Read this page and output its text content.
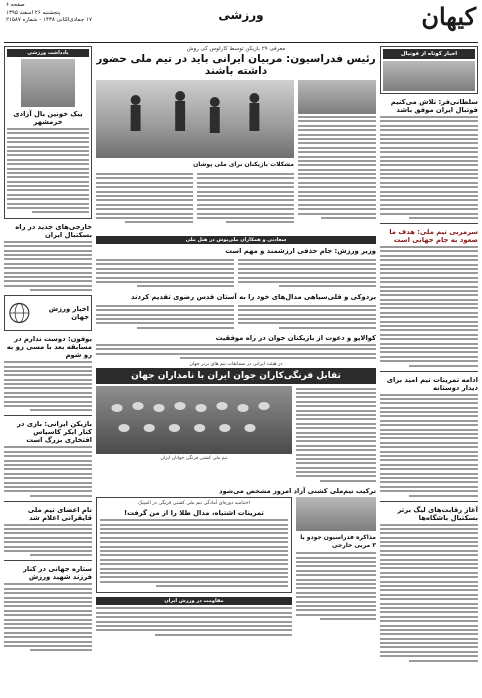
کیهان
ورزشی
صفحه ۶
پنجشنبه ۲۶ اسفند ۱۳۹۵
۱۷ جمادی‌الثانی ۱۴۳۸ - شماره ۲۱۵۸۷
اخبار کوتاه از فوتبال
سلطانی‌فر: تلاش می‌کنیم فوتبال ایران موفق باشد
سرمربی تیم ملی: هدف ما صعود به جام جهانی است
ادامه تمرینات تیم امید برای دیدار دوستانه
آغاز رقابت‌های لیگ برتر بسکتبال باشگاه‌ها
یادداشت ورزشی
پیک خونین بال آزادی خرمشهر
خارجی‌های جدید در راه بسکتبال ایران
اخبار ورزش جهان
بوفون: دوست ندارم در مسابقه بعد با مسی رو به رو شوم
بازیکن ایرانی: بازی در کنار ایکر کاسیاس افتخاری بزرگ است
نام اعضای تیم ملی قایقرانی اعلام شد
ستاره جهانی در کنار فرزند شهید ورزش
معرفی ۲۹ بازیکن توسط کارلوس کی روش
رئیس فدراسیون: مربیان ایرانی باید در تیم ملی حضور داشته باشند
مشکلات بازیکنان برای ملی پوشان
سعادتی و همکاران ملی‌پوش در هتل ملی
وزیر ورزش: جام حذفی ارزشمند و مهم است
بردوکی و قلی‌سیاهی مدال‌های خود را به آستان قدس رضوی تقدیم کردند
کوالاپو و دعوت از بازیکنان جوان در راه موفقیت
در هیئت ایرانی در مسابقات تیم های برتر جهان
تقابل فرنگی‌کاران جوان ایران با نامداران جهان
تیم ملی کشتی فرنگی جوانان ایران
ترکیب تیم‌ملی کشتی آزاد امروز مشخص می‌شود
مذاکره فدراسیون جودو با ۳ مربی خارجی
اختتامیه دوره‌ای آمادگی تیم ملی کشتی فرنگی در المپیک
تمرینات اشتباه، مدال طلا را از من گرفت!
مقاومت در ورزش ایران
